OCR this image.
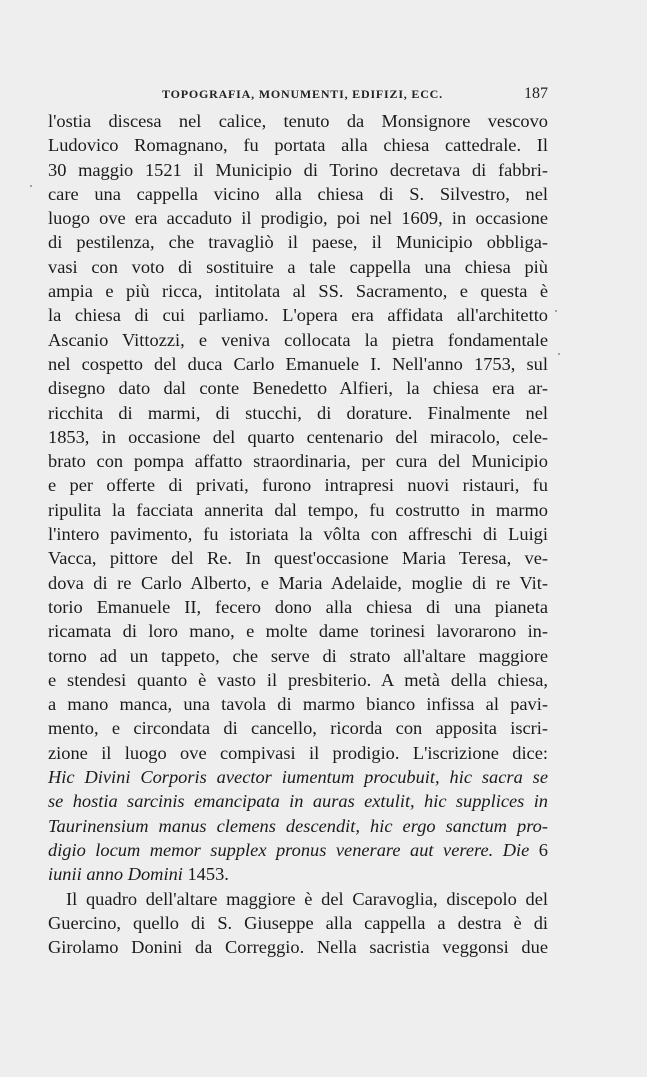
TOPOGRAFIA, MONUMENTI, EDIFIZI, ECC.	187
l'ostia discesa nel calice, tenuto da Monsignore vescovo
Ludovico Romagnano, fu portata alla chiesa cattedrale. Il
30 maggio 1521 il Municipio di Torino decretava di fabbri-
care una cappella vicino alla chiesa di S. Silvestro, nel
luogo ove era accaduto il prodigio, poi nel 1609, in occasione
di pestilenza, che travagliò il paese, il Municipio obbliga-
vasi con voto di sostituire a tale cappella una chiesa più
ampia e più ricca, intitolata al SS. Sacramento, e questa è
la chiesa di cui parliamo. L'opera era affidata all'architetto
Ascanio Vittozzi, e veniva collocata la pietra fondamentale
nel cospetto del duca Carlo Emanuele I. Nell'anno 1753, sul
disegno dato dal conte Benedetto Alfieri, la chiesa era ar-
ricchita di marmi, di stucchi, di dorature. Finalmente nel
1853, in occasione del quarto centenario del miracolo, cele-
brato con pompa affatto straordinaria, per cura del Municipio
e per offerte di privati, furono intrapresi nuovi ristauri, fu
ripulita la facciata annerita dal tempo, fu costrutto in marmo
l'intero pavimento, fu istoriata la vôlta con affreschi di Luigi
Vacca, pittore del Re. In quest'occasione Maria Teresa, ve-
dova di re Carlo Alberto, e Maria Adelaide, moglie di re Vit-
torio Emanuele II, fecero dono alla chiesa di una pianeta
ricamata di loro mano, e molte dame torinesi lavorarono in-
torno ad un tappeto, che serve di strato all'altare maggiore
e stendesi quanto è vasto il presbiterio. A metà della chiesa,
a mano manca, una tavola di marmo bianco infissa al pavi-
mento, e circondata di cancello, ricorda con apposita iscri-
zione il luogo ove compivasi il prodigio. L'iscrizione dice:
Hic Divini Corporis avector iumentum procubuit, hic sacra se
se hostia sarcinis emancipata in auras extulit, hic supplices in
Taurinensium manus clemens descendit, hic ergo sanctum pro-
digio locum memor supplex pronus venerare aut verere. Die 6
iunii anno Domini 1453.
Il quadro dell'altare maggiore è del Caravoglia, discepolo del
Guercino, quello di S. Giuseppe alla cappella a destra è di
Girolamo Donini da Correggio. Nella sacristia veggonsi due
